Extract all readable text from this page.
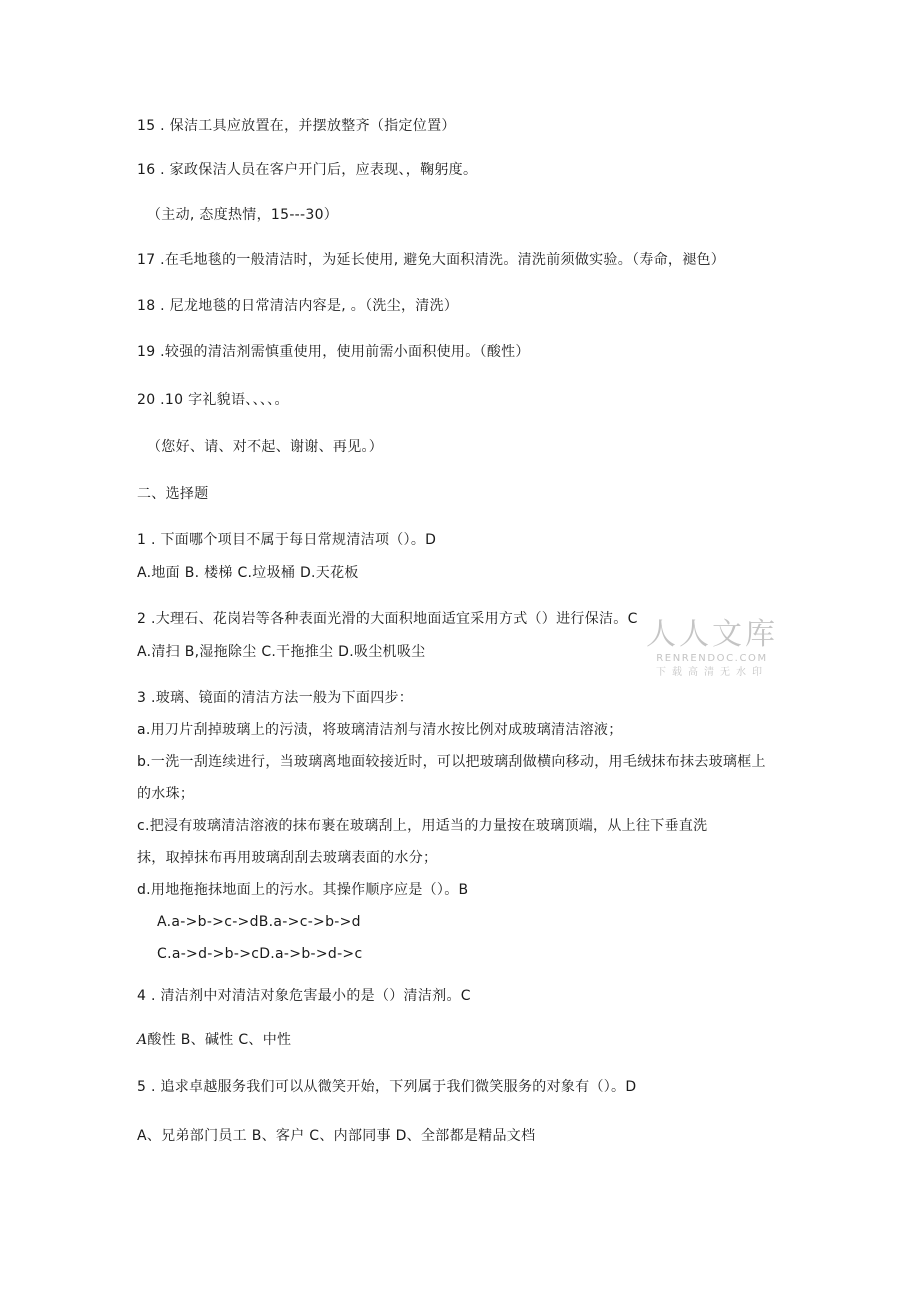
15 . 保洁工具应放置在，并摆放整齐（指定位置）
16 . 家政保洁人员在客户开门后，应表现、，鞠躬度。
（主动, 态度热情，15---30）
17 .在毛地毯的一般清洁时，为延长使用, 避免大面积清洗。清洗前须做实验。（寿命，褪色）
18 . 尼龙地毯的日常清洁内容是, 。（洗尘，清洗）
19 .较强的清洁剂需慎重使用，使用前需小面积使用。（酸性）
20 .10 字礼貌语、、、、。
（您好、请、对不起、谢谢、再见。）
二、选择题
1 . 下面哪个项目不属于每日常规清洁项（）。D
A.地面 B. 楼梯 C.垃圾桶 D.天花板
2 .大理石、花岗岩等各种表面光滑的大面积地面适宜采用方式（）进行保洁。C
A.清扫 B,湿拖除尘 C.干拖推尘 D.吸尘机吸尘
3 .玻璃、镜面的清洁方法一般为下面四步：
a.用刀片刮掉玻璃上的污渍，将玻璃清洁剂与清水按比例对成玻璃清洁溶液；
b.一洗一刮连续进行，当玻璃离地面较接近时，可以把玻璃刮做横向移动，用毛绒抹布抹去玻璃框上
的水珠；
c.把浸有玻璃清洁溶液的抹布裹在玻璃刮上，用适当的力量按在玻璃顶端，从上往下垂直洗
抹，取掉抹布再用玻璃刮刮去玻璃表面的水分；
d.用地拖拖抹地面上的污水。其操作顺序应是（）。B
A.a->b->c->dB.a->c->b->d
C.a->d->b->cD.a->b->d->c
4 . 清洁剂中对清洁对象危害最小的是（）清洁剂。C
A酸性 B、碱性 C、中性
5 . 追求卓越服务我们可以从微笑开始，下列属于我们微笑服务的对象有（）。D
A、兄弟部门员工 B、客户 C、内部同事 D、全部都是精品文档
人人文库
RENRENDOC.COM
下载高清无水印
